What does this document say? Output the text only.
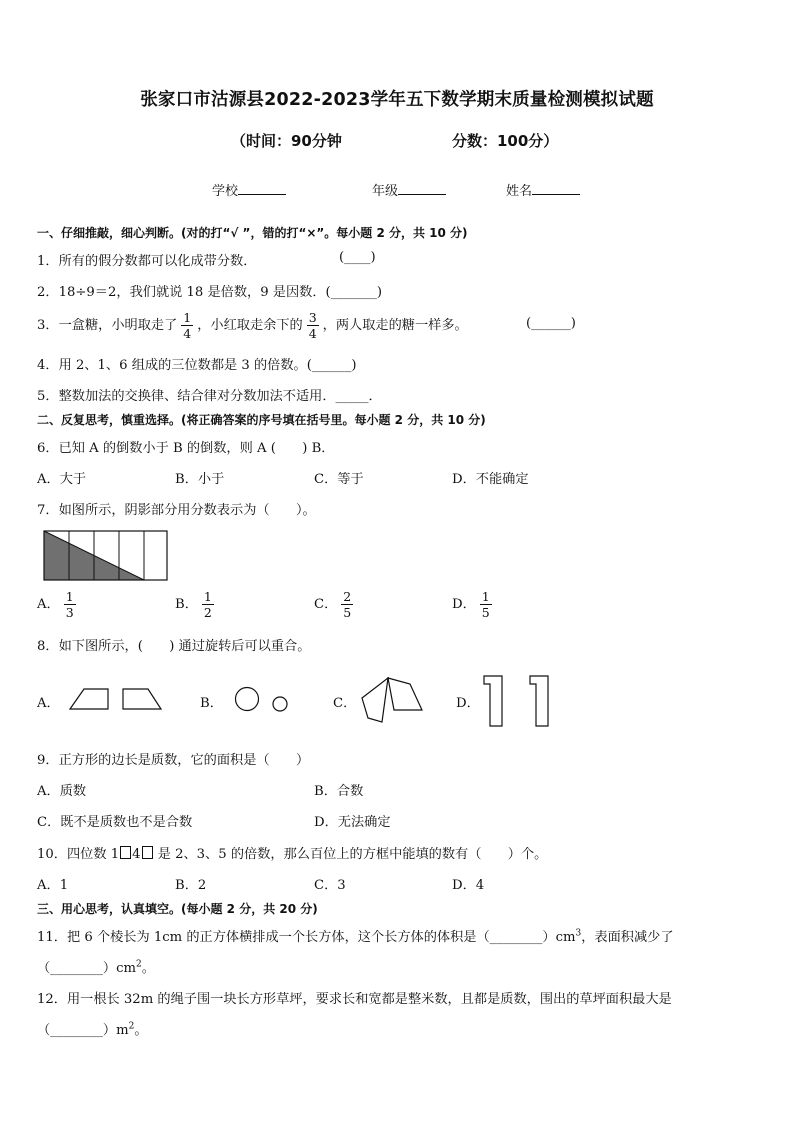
张家口市沽源县2022-2023学年五下数学期末质量检测模拟试题
（时间：90分钟	分数：100分）
学校	年级	姓名
一、仔细推敲，细心判断。(对的打“√ ”，错的打“×”。每小题 2 分，共 10 分)
1．所有的假分数都可以化成带分数．	(____)
2．18÷9＝2，我们就说 18 是倍数，9 是因数．(_______)
3．一盒糖，小明取走了 $\frac{1}{4}$ ，小红取走余下的 $\frac{3}{4}$ ，两人取走的糖一样多。	(______)
4．用 2、1、6 组成的三位数都是 3 的倍数。(______)
5．整数加法的交换律、结合律对分数加法不适用．_____．
二、反复思考，慎重选择。(将正确答案的序号填在括号里。每小题 2 分，共 10 分)
6．已知 A 的倒数小于 B 的倒数，则 A (　　) B．
A．大于	B．小于	C．等于	D．不能确定
7．如图所示，阴影部分用分数表示为（　　）。
A． $\frac{1}{3}$	B． $\frac{1}{2}$	C． $\frac{2}{5}$	D． $\frac{1}{5}$
8．如下图所示，(　　) 通过旋转后可以重合。
A．	B．	C．	D．
9．正方形的边长是质数，它的面积是（　　）
A．质数	B．合数
C．既不是质数也不是合数	D．无法确定
10．四位数 1 4 是 2、3、5 的倍数，那么百位上的方框中能填的数有（　　）个。
A．1	B．2	C．3	D．4
三、用心思考，认真填空。(每小题 2 分，共 20 分)
11．把 6 个棱长为 1cm 的正方体横排成一个长方体，这个长方体的体积是$(\_\_\_\_\_\_\_\_)cm^3$，表面积减少了
$(\_\_\_\_\_\_\_\_)cm^2$。
12．用一根长 32m 的绳子围一块长方形草坪，要求长和宽都是整米数，且都是质数，围出的草坪面积最大是
$(\_\_\_\_\_\_\_\_)m^2$。
